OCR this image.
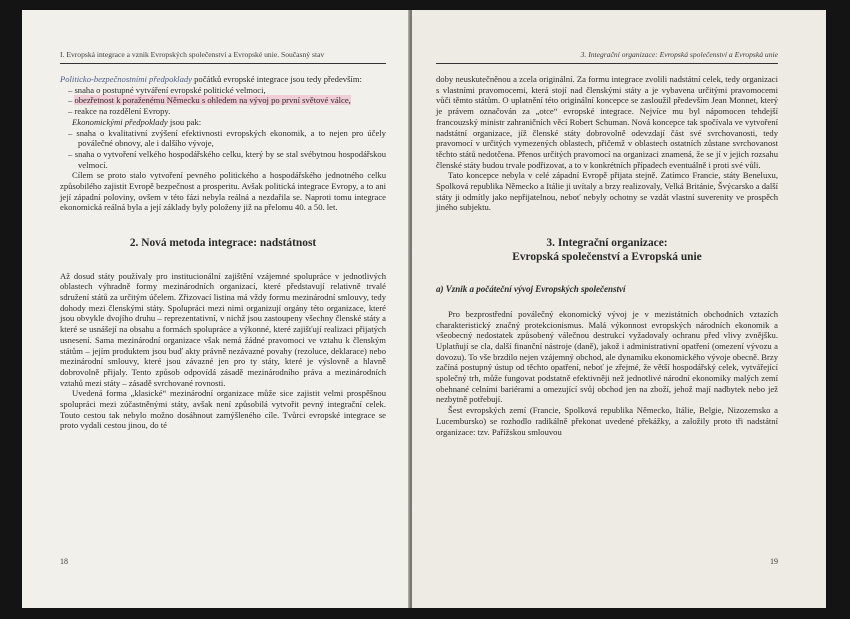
I. Evropská integrace a vznik Evropských společenství a Evropské unie. Současný stav

Politicko-bezpečnostními předpoklady počátků evropské integrace jsou tedy především:

– snaha o postupné vytváření evropské politické velmoci,

– obezřetnost k poraženému Německu s ohledem na vývoj po první světové válce,

– reakce na rozdělení Evropy.

Ekonomickými předpoklady jsou pak:

– snaha o kvalitativní zvýšení efektivnosti evropských ekonomik, a to nejen pro účely poválečné obnovy, ale i dalšího vývoje,

– snaha o vytvoření velkého hospodářského celku, který by se stal svébytnou hospodářskou velmocí.

Cílem se proto stalo vytvoření pevného politického a hospodářského jednotného celku způsobilého zajistit Evropě bezpečnost a prosperitu. Avšak politická integrace Evropy, a to ani její západní poloviny, ovšem v této fázi nebyla reálná a nezdařila se. Naproti tomu integrace ekonomická reálná byla a její základy byly položeny již na přelomu 40. a 50. let.

2. Nová metoda integrace: nadstátnost

Až dosud státy používaly pro institucionální zajištění vzájemné spolupráce v jednotlivých oblastech výhradně formy mezinárodních organizací, které představují relativně trvalé sdružení států za určitým účelem. Zřizovací listina má vždy formu mezinárodní smlouvy, tedy dohody mezi členskými státy. Spolupráci mezi nimi organizují orgány této organizace, které jsou obvykle dvojího druhu – reprezentativní, v nichž jsou zastoupeny všechny členské státy a které se usnášejí na obsahu a formách spolupráce a výkonné, které zajišťují realizaci přijatých usnesení. Sama mezinárodní organizace však nemá žádné pravomoci ve vztahu k členským státům – jejím produktem jsou buď akty právně nezávazné povahy (rezoluce, deklarace) nebo mezinárodní smlouvy, které jsou závazné jen pro ty státy, které je výslovně a hlavně dobrovolně přijaly. Tento způsob odpovídá zásadě mezinárodního práva a mezinárodních vztahů mezi státy – zásadě svrchované rovnosti.

Uvedená forma „klasické“ mezinárodní organizace může sice zajistit velmi prospěšnou spolupráci mezi zúčastněnými státy, avšak není způsobilá vytvořit pevný integrační celek. Touto cestou tak nebylo možno dosáhnout zamýšleného cíle. Tvůrci evropské integrace se proto vydali cestou jinou, do té

18
3. Integrační organizace: Evropská společenství a Evropská unie

doby neuskutečněnou a zcela originální. Za formu integrace zvolili nadstátní celek, tedy organizaci s vlastními pravomocemi, která stojí nad členskými státy a je vybavena určitými pravomocemi vůči těmto státům. O uplatnění této originální koncepce se zasloužil především Jean Monnet, který je právem označován za „otce“ evropské integrace. Nejvíce mu byl nápomocen tehdejší francouzský ministr zahraničních věcí Robert Schuman. Nová koncepce tak spočívala ve vytvoření nadstátní organizace, jíž členské státy dobrovolně odevzdají část své svrchovanosti, tedy pravomocí v určitých vymezených oblastech, přičemž v oblastech ostatních zůstane svrchovanost těchto států nedotčena. Přenos určitých pravomocí na organizaci znamená, že se jí v jejich rozsahu členské státy budou trvale podřizovat, a to v konkrétních případech eventuálně i proti své vůli.

Tato koncepce nebyla v celé západní Evropě přijata stejně. Zatímco Francie, státy Beneluxu, Spolková republika Německo a Itálie ji uvítaly a brzy realizovaly, Velká Británie, Švýcarsko a další státy ji odmítly jako nepřijatelnou, neboť nebyly ochotny se vzdát vlastní suverenity ve prospěch jiného subjektu.

3. Integrační organizace:
Evropská společenství a Evropská unie
a) Vznik a počáteční vývoj Evropských společenství

Pro bezprostřední poválečný ekonomický vývoj je v mezistátních obchodních vztazích charakteristický značný protekcionismus. Malá výkonnost evropských národních ekonomik a všeobecný nedostatek způsobený válečnou destrukcí vyžadovaly ochranu před vlivy zvnějšku. Uplatňují se cla, další finanční nástroje (daně), jakož i administrativní opatření (omezení vývozu a dovozu). To vše brzdilo nejen vzájemný obchod, ale dynamiku ekonomického vývoje obecně. Brzy začíná postupný ústup od těchto opatření, neboť je zřejmé, že větší hospodářský celek, vytvářející společný trh, může fungovat podstatně efektivněji než jednotlivé národní ekonomiky malých zemí obehnané celními bariérami a omezující svůj obchod jen na zboží, jehož mají nadbytek nebo jež nezbytně potřebují.

Šest evropských zemí (Francie, Spolková republika Německo, Itálie, Belgie, Nizozemsko a Lucembursko) se rozhodlo radikálně překonat uvedené překážky, a založily proto tři nadstátní organizace: tzv. Pařížskou smlouvou

19
